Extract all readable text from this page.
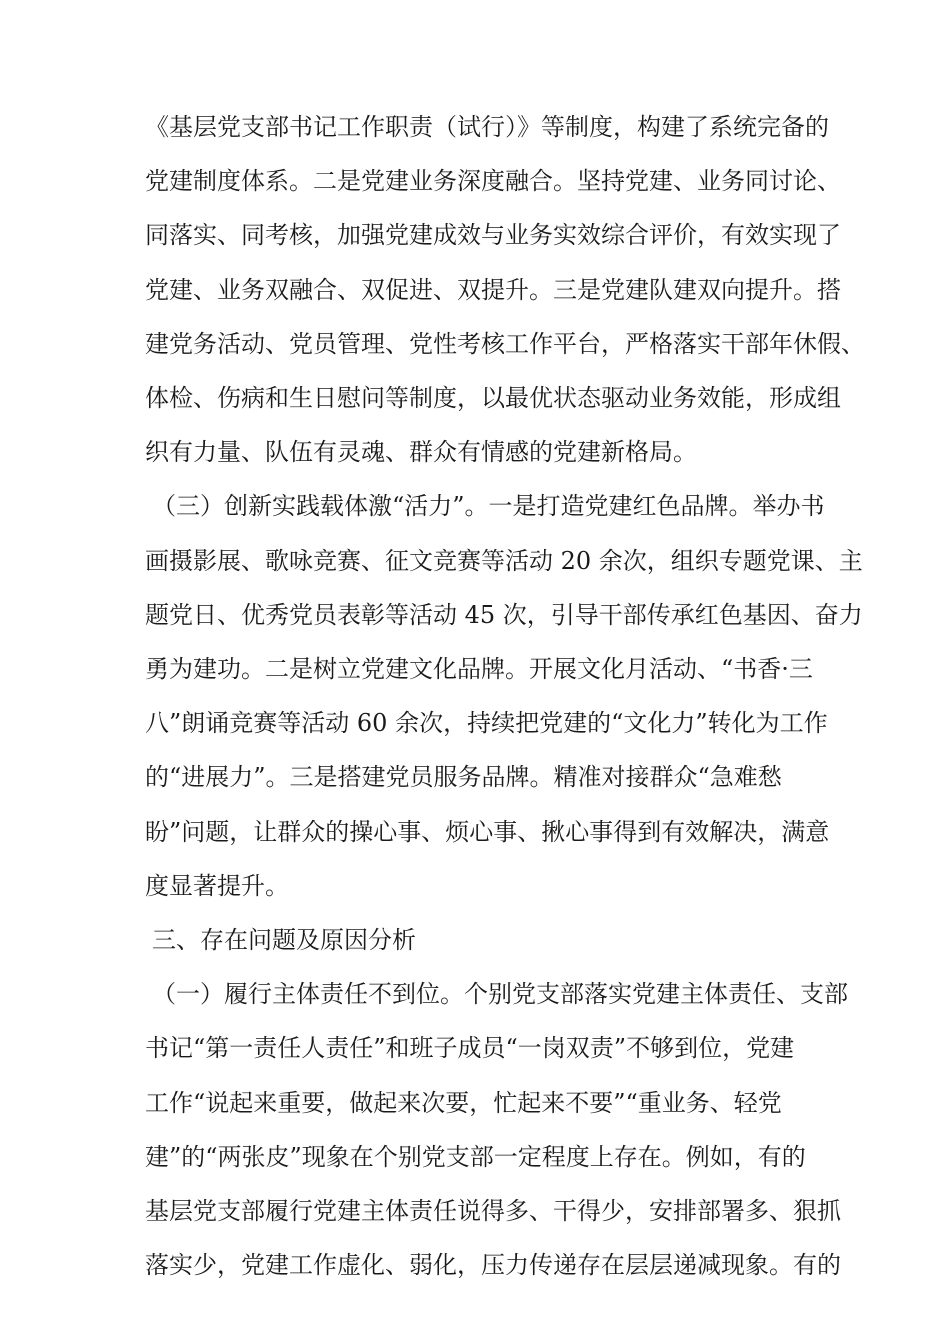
《基层党支部书记工作职责（试行）》等制度，构建了系统完备的
党建制度体系。二是党建业务深度融合。坚持党建、业务同讨论、
同落实、同考核，加强党建成效与业务实效综合评价，有效实现了
党建、业务双融合、双促进、双提升。三是党建队建双向提升。搭
建党务活动、党员管理、党性考核工作平台，严格落实干部年休假、
体检、伤病和生日慰问等制度，以最优状态驱动业务效能，形成组
织有力量、队伍有灵魂、群众有情感的党建新格局。
（三）创新实践载体激“活力”。一是打造党建红色品牌。举办书
画摄影展、歌咏竞赛、征文竞赛等活动 20 余次，组织专题党课、主
题党日、优秀党员表彰等活动 45 次，引导干部传承红色基因、奋力
勇为建功。二是树立党建文化品牌。开展文化月活动、“书香·三
八”朗诵竞赛等活动 60 余次，持续把党建的“文化力”转化为工作
的“进展力”。三是搭建党员服务品牌。精准对接群众“急难愁
盼”问题，让群众的操心事、烦心事、揪心事得到有效解决，满意
度显著提升。
三、存在问题及原因分析
（一）履行主体责任不到位。个别党支部落实党建主体责任、支部
书记“第一责任人责任”和班子成员“一岗双责”不够到位，党建
工作“说起来重要，做起来次要，忙起来不要”“重业务、轻党
建”的“两张皮”现象在个别党支部一定程度上存在。例如，有的
基层党支部履行党建主体责任说得多、干得少，安排部署多、狠抓
落实少，党建工作虚化、弱化，压力传递存在层层递减现象。有的
